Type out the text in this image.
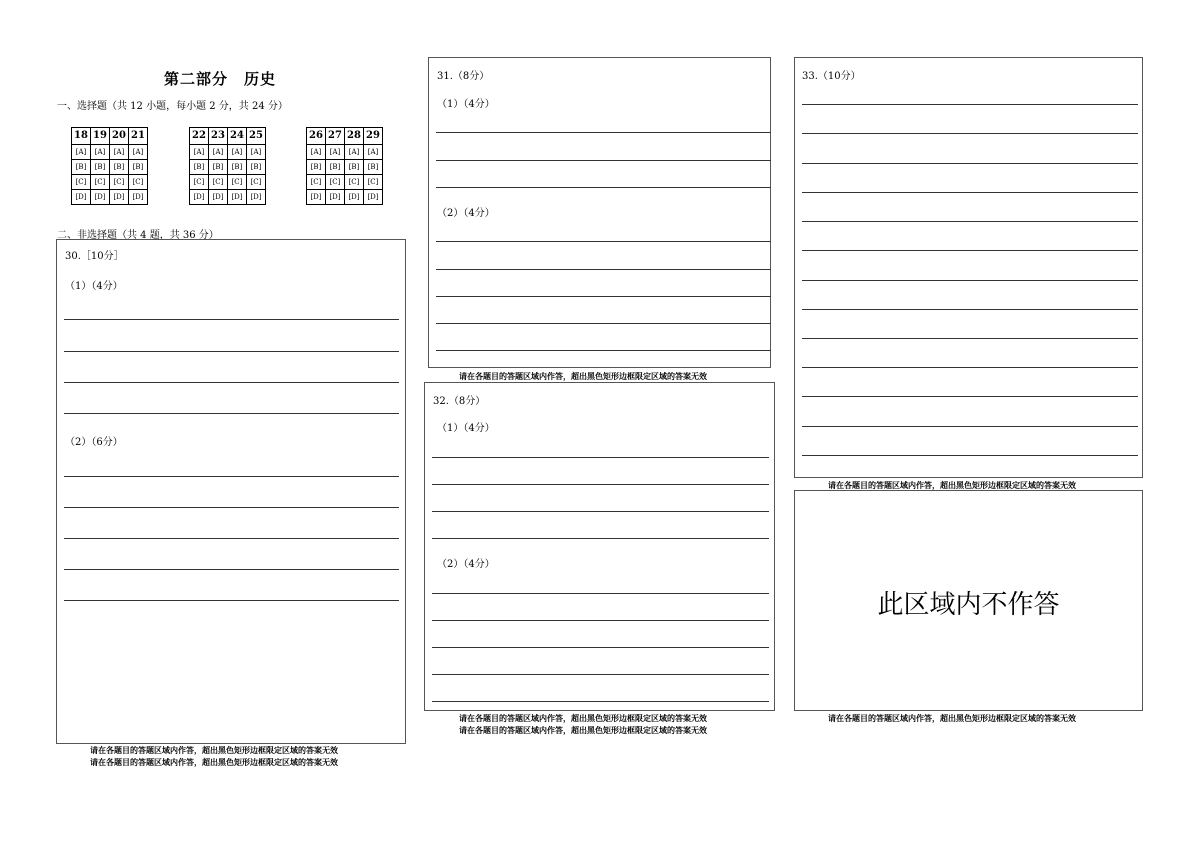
第二部分　历史
一、选择题（共 12 小题，每小题 2 分，共 24 分）
18	19	20	21
[A]	[A]	[A]	[A]
[B]	[B]	[B]	[B]
[C]	[C]	[C]	[C]
[D]	[D]	[D]	[D]
22	23	24	25
[A]	[A]	[A]	[A]
[B]	[B]	[B]	[B]
[C]	[C]	[C]	[C]
[D]	[D]	[D]	[D]
26	27	28	29
[A]	[A]	[A]	[A]
[B]	[B]	[B]	[B]
[C]	[C]	[C]	[C]
[D]	[D]	[D]	[D]
二、非选择题（共 4 题，共 36 分）
30.［10分］
（1）（4分）
（2）（6分）
请在各题目的答题区域内作答，超出黑色矩形边框限定区域的答案无效
请在各题目的答题区域内作答，超出黑色矩形边框限定区域的答案无效
31.（8分）
（1）（4分）
（2）（4分）
请在各题目的答题区域内作答，超出黑色矩形边框限定区域的答案无效
32.（8分）
（1）（4分）
（2）（4分）
请在各题目的答题区域内作答，超出黑色矩形边框限定区域的答案无效
请在各题目的答题区域内作答，超出黑色矩形边框限定区域的答案无效
33.（10分）
请在各题目的答题区域内作答，超出黑色矩形边框限定区域的答案无效
此区域内不作答
请在各题目的答题区域内作答，超出黑色矩形边框限定区域的答案无效
